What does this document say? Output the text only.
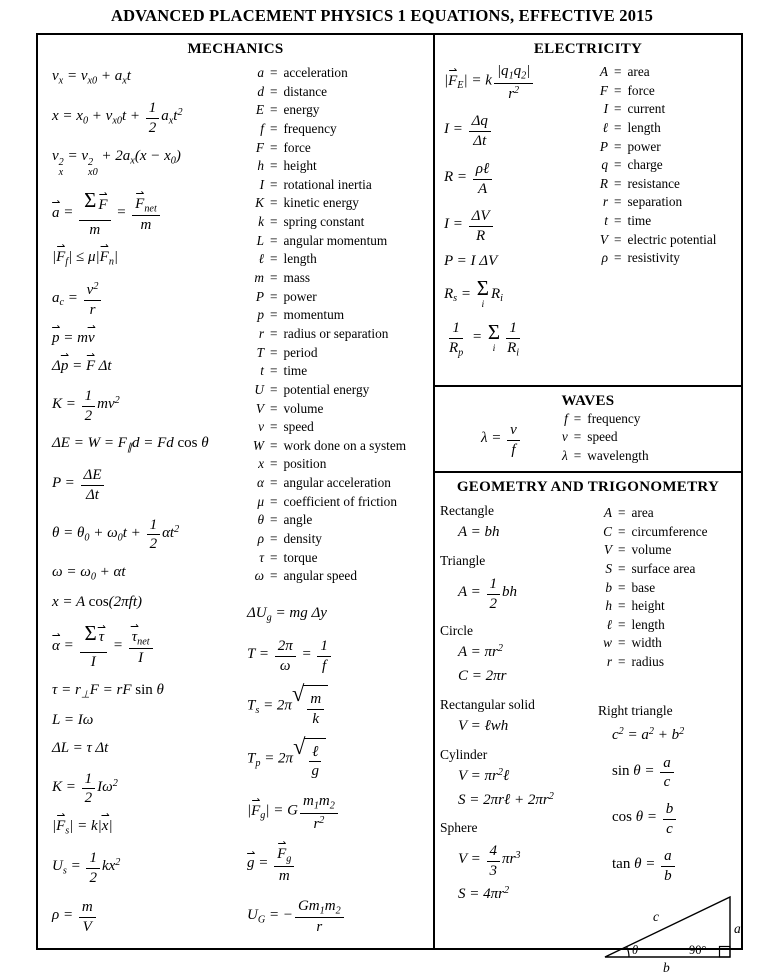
ADVANCED PLACEMENT PHYSICS 1 EQUATIONS, EFFECTIVE 2015
MECHANICS
$v_x = v_{x0} + a_xt$
$x = x_0 + v_{x0}t + \frac{1}{2} a_xt^2$
v 2
x
= v 2
x0
+ $2a_x(x - x_0)$
a ⇀ = $\frac{\text{Σ F ⇀}}{m} = \frac{F ⇀_{net}}{m}$
|F $⇀_f| \le \mu|F$ $⇀_n|$
$a_c = \frac{v^2}{r}$
p ⇀ = mv ⇀
Δp ⇀ = F ⇀ Δt
$K = \frac{1}{2} mv^2$
$\Delta E = W = F_\parallel d = Fd$ cos θ
$P = \frac{\Delta E}{\Delta t}$
$\theta = \theta_0 + \omega_0t + \frac{1}{2} \alpha t^2$
$\omega = \omega_0 + \alpha t$
x = A cos(2πft)
α ⇀ = $\frac{\text{Σ τ ⇀}}{I} = \frac{\tau ⇀_{net}}{I}$
$\tau = r_\perp F$ = rF sin θ
L = Iω
ΔL = τ Δt
$K = \frac{1}{2} I\omega^2$
|F $⇀_s| = k|x$ ⇀|
$U_s = \frac{1}{2} kx^2$
$\rho = \frac{m}{V}$
a = acceleration
d = distance
E = energy
f = frequency
F = force
h = height
I = rotational inertia
K = kinetic energy
k = spring constant
L = angular momentum
ℓ = length
m = mass
P = power
p = momentum
r = radius or separation
T = period
t = time
U = potential energy
V = volume
v = speed
W = work done on a system
x = position
α = angular acceleration
μ = coefficient of friction
θ = angle
ρ = density
τ = torque
ω = angular speed
$\Delta U_g$ = mg Δy
$T = \frac{2\pi}{\omega} = \frac{1}{f}$
$T_s = 2\pi$ √ $\frac{m}{k}$
$T_p = 2\pi$ √ $\frac{\text{ℓ}}{g}$
|F $⇀_g| = G \frac{m_1m_2}{r^2}$
g ⇀ = $\frac{F ⇀_g}{m}$
$U_G$ = − $\frac{Gm_1m_2}{r}$
ELECTRICITY
|F $⇀_E| = k \frac{|q_1q_2|}{r^2}$
$I = \frac{\Delta q}{\Delta t}$
$R = \frac{\text{ρℓ}}{A}$
$I = \frac{\Delta V}{R}$
P = I ΔV
$R_s = \Sigma$
i
$R_i$
$\frac{1}{R_p} = \Sigma$
i $\frac{1}{R_i}$
A = area
F = force
I = current
ℓ = length
P = power
q = charge
R = resistance
r = separation
t = time
V = electric potential
ρ = resistivity
WAVES
$\lambda = \frac{v}{f}$
f = frequency
v = speed
λ = wavelength
GEOMETRY AND TRIGONOMETRY
Rectangle
A = bh
Triangle
$A = \frac{1}{2}$ bh
Circle
$A = \pi r^2$
C = 2πr
Rectangular solid
V = ℓwh
Cylinder
$V = \pi r^2\ell$
S = 2πrℓ + $2\pi r^2$
Sphere
$V = \frac{4}{3} \pi r^3$
$S = 4\pi r^2$
A = area
C = circumference
V = volume
S = surface area
b = base
h = height
ℓ = length
w = width
r = radius
Right triangle
$c^2 = a^2 + b^2$
$\sin \theta = \frac{a}{c}$
$\cos \theta = \frac{b}{c}$
$\tan \theta = \frac{a}{b}$
c
a
b
θ	90°
